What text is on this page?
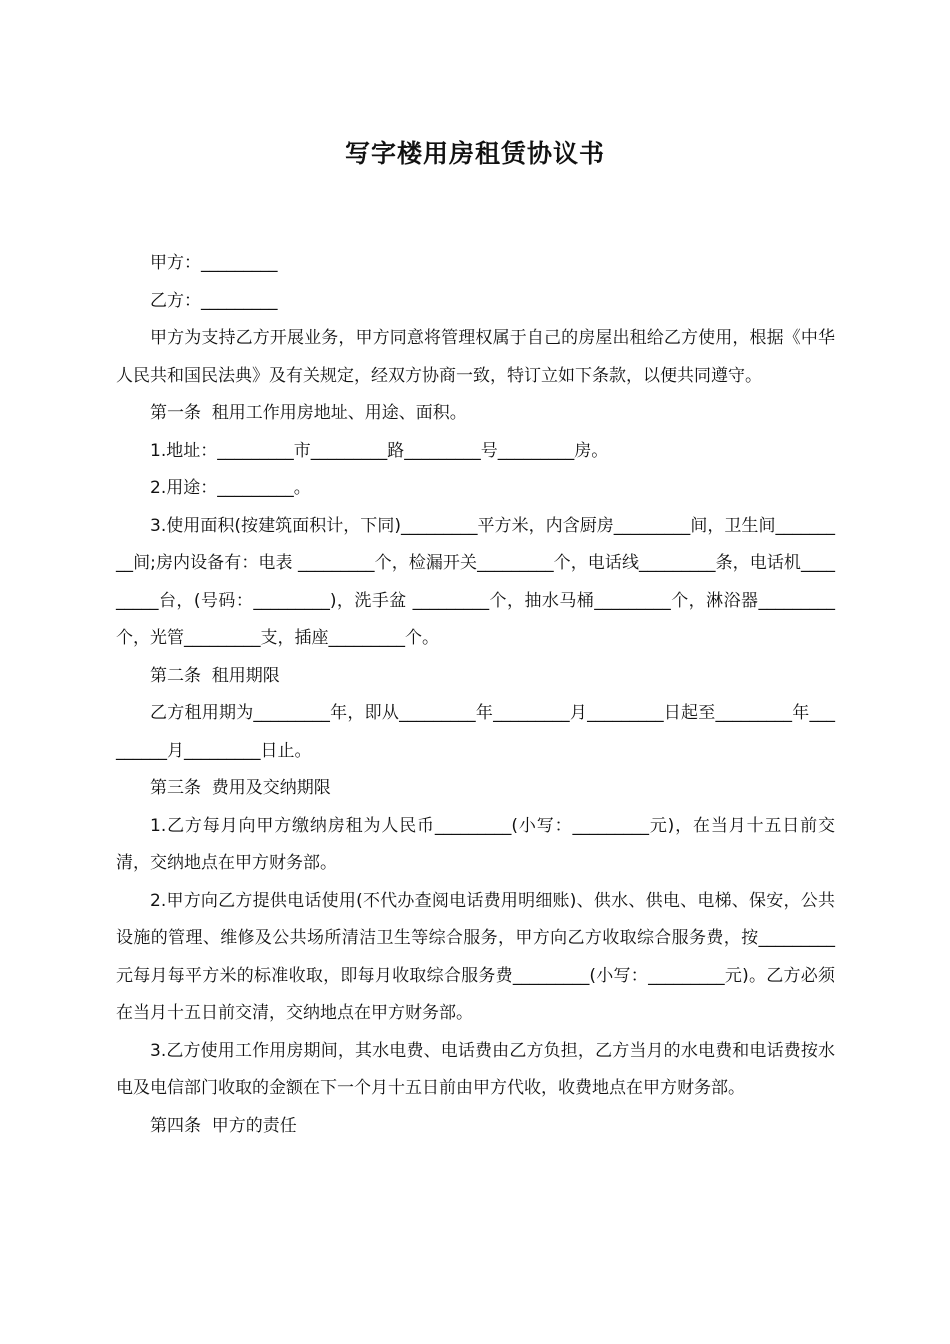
写字楼用房租赁协议书

甲方：_________

乙方：_________

甲方为支持乙方开展业务，甲方同意将管理权属于自己的房屋出租给乙方使用，根据《中华人民共和国民法典》及有关规定，经双方协商一致，特订立如下条款，以便共同遵守。

第一条  租用工作用房地址、用途、面积。

1.地址：_________市_________路_________号_________房。

2.用途：_________。

3.使用面积(按建筑面积计，下同)_________平方米，内含厨房_________间，卫生间_________间;房内设备有：电表 _________个，检漏开关_________个，电话线_________条，电话机_________台，(号码：_________)，洗手盆 _________个，抽水马桶_________个，淋浴器_________个，光管_________支，插座_________个。

第二条  租用期限

乙方租用期为_________年，即从_________年_________月_________日起至_________年_________月_________日止。

第三条  费用及交纳期限

1.乙方每月向甲方缴纳房租为人民币_________(小写：_________元)，在当月十五日前交清，交纳地点在甲方财务部。

2.甲方向乙方提供电话使用(不代办查阅电话费用明细账)、供水、供电、电梯、保安，公共设施的管理、维修及公共场所清洁卫生等综合服务，甲方向乙方收取综合服务费，按_________元每月每平方米的标准收取，即每月收取综合服务费_________(小写：_________元)。乙方必须在当月十五日前交清，交纳地点在甲方财务部。

3.乙方使用工作用房期间，其水电费、电话费由乙方负担，乙方当月的水电费和电话费按水电及电信部门收取的金额在下一个月十五日前由甲方代收，收费地点在甲方财务部。

第四条  甲方的责任
